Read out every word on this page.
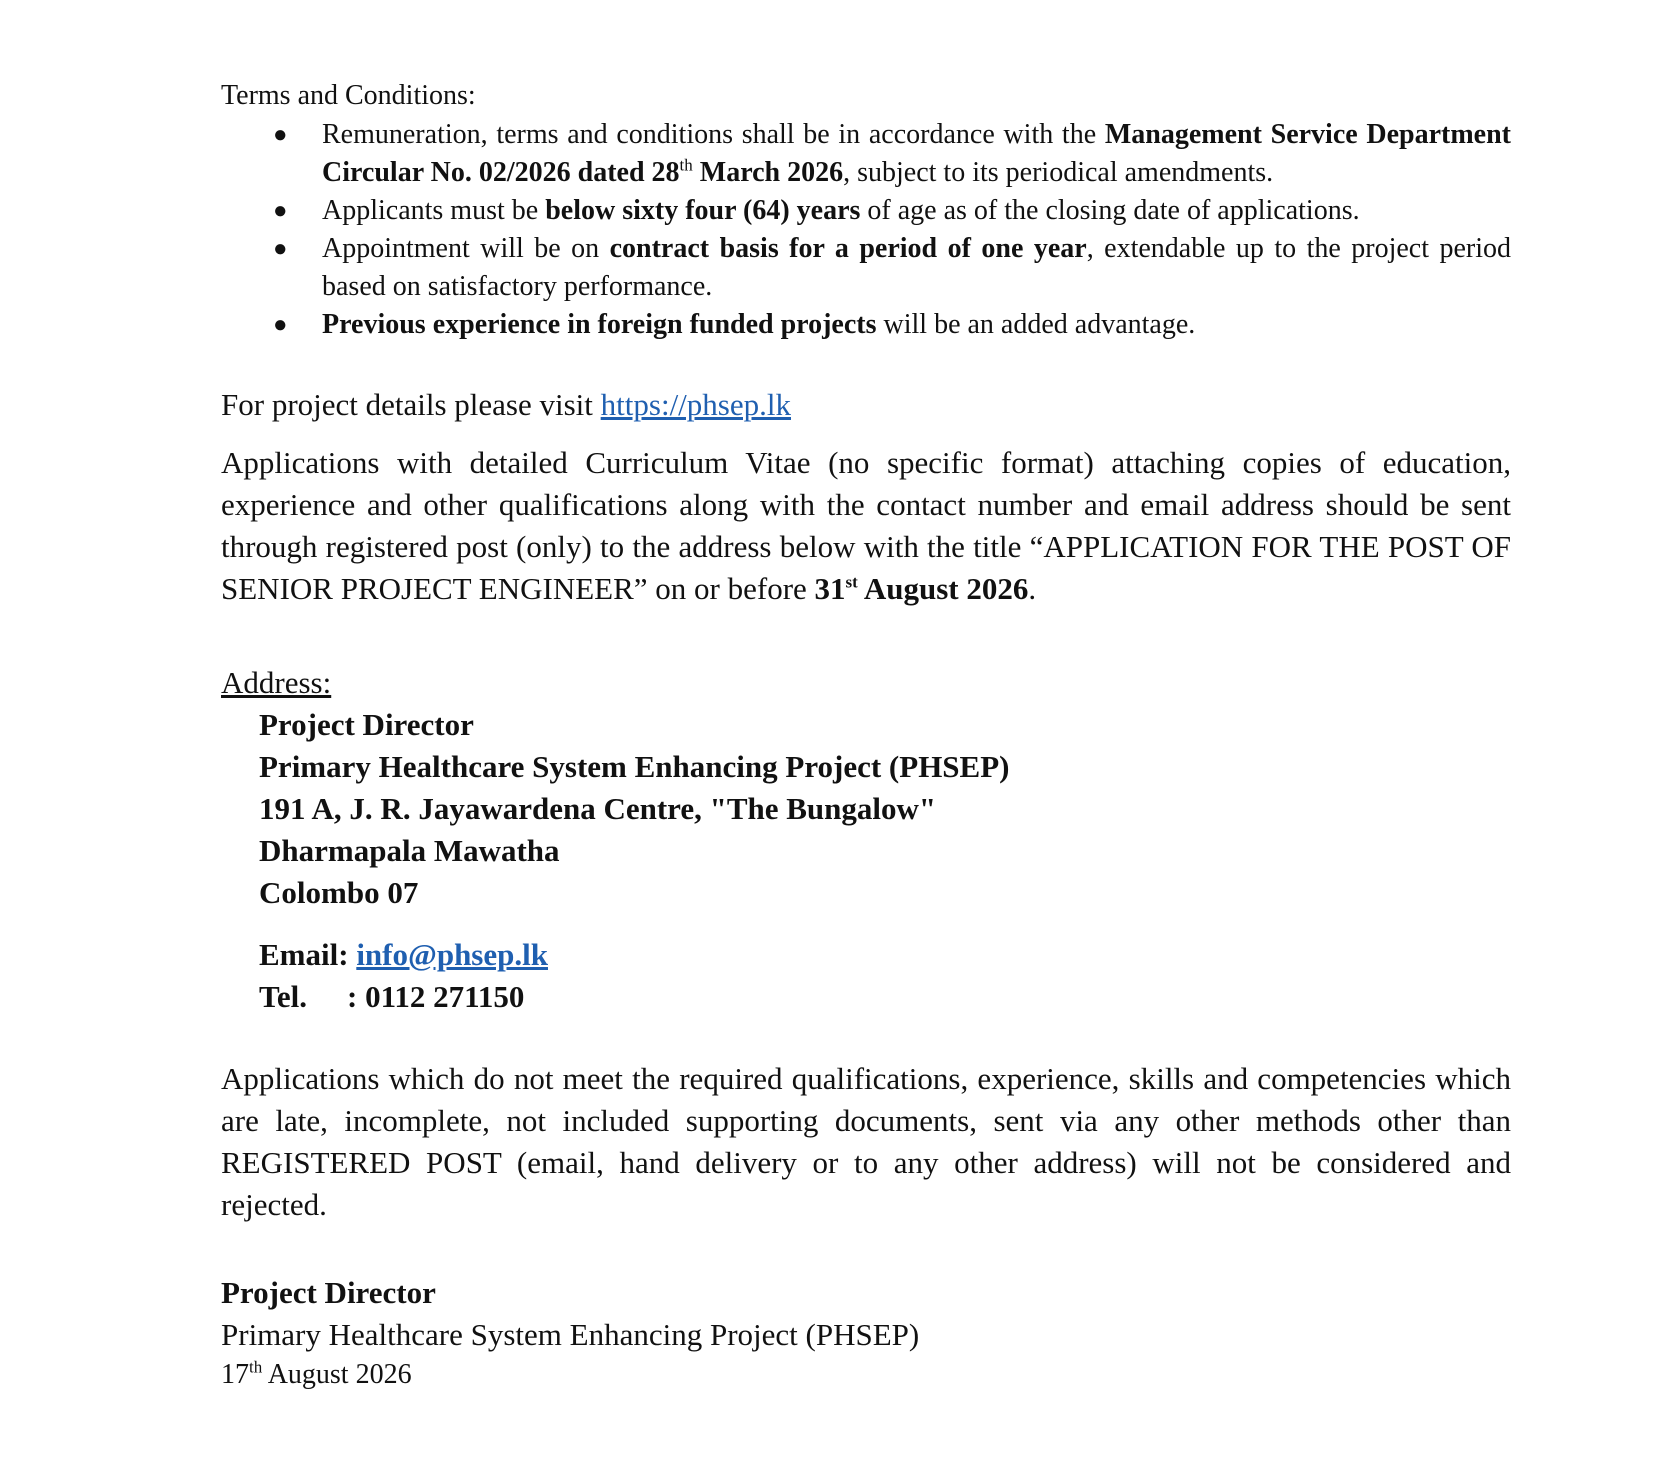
Terms and Conditions:

● Remuneration, terms and conditions shall be in accordance with the Management Service Department Circular No. 02/2026 dated 28th March 2026, subject to its periodical amendments.
● Applicants must be below sixty four (64) years of age as of the closing date of applications.
● Appointment will be on contract basis for a period of one year, extendable up to the project period based on satisfactory performance.
● Previous experience in foreign funded projects will be an added advantage.

For project details please visit https://phsep.lk

Applications with detailed Curriculum Vitae (no specific format) attaching copies of education, experience and other qualifications along with the contact number and email address should be sent through registered post (only) to the address below with the title “APPLICATION FOR THE POST OF SENIOR PROJECT ENGINEER” on or before 31st August 2026.

Address:

Project Director

Primary Healthcare System Enhancing Project (PHSEP)

191 A, J. R. Jayawardena Centre, "The Bungalow"

Dharmapala Mawatha

Colombo 07

Email: info@phsep.lk

Tel. : 0112 271150

Applications which do not meet the required qualifications, experience, skills and competencies which are late, incomplete, not included supporting documents, sent via any other methods other than REGISTERED POST (email, hand delivery or to any other address) will not be considered and rejected.

Project Director

Primary Healthcare System Enhancing Project (PHSEP)

17th August 2026
